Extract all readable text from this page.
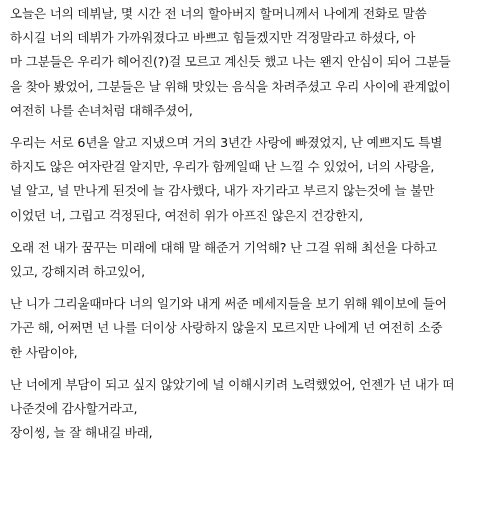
오늘은 너의 데뷔날, 몇 시간 전 너의 할아버지 할머니께서 나에게 전화로 말씀
하시길 너의 데뷔가 가까워졌다고 바쁘고 힘들겠지만 걱정말라고 하셨다, 아
마 그분들은 우리가 헤어진(?)걸 모르고 계신듯 했고 나는 왠지 안심이 되어 그분들
을 찾아 봤었어, 그분들은 날 위해 맛있는 음식을 차려주셨고 우리 사이에 관계없이
여전히 나를 손녀처럼 대해주셨어,
우리는 서로 6년을 알고 지냈으며 거의 3년간 사랑에 빠졌었지, 난 예쁘지도 특별
하지도 않은 여자란걸 알지만, 우리가 함께일때 난 느낄 수 있었어, 너의 사랑을,
널 알고, 널 만나게 된것에 늘 감사했다, 내가 자기라고 부르지 않는것에 늘 불만
이었던 너, 그립고 걱정된다, 여전히 위가 아프진 않은지 건강한지,
오래 전 내가 꿈꾸는 미래에 대해 말 해준거 기억해? 난 그걸 위해 최선을 다하고
있고, 강해지려 하고있어,
난 니가 그리울때마다 너의 일기와 내게 써준 메세지들을 보기 위해 웨이보에 들어
가곤 해, 어쩌면 넌 나를 더이상 사랑하지 않을지 모르지만 나에게 넌 여전히 소중
한 사람이야,
난 너에게 부담이 되고 싶지 않았기에 널 이해시키려 노력했었어, 언젠가 넌 내가 떠
나준것에 감사할거라고,
장이씽, 늘 잘 해내길 바래,
